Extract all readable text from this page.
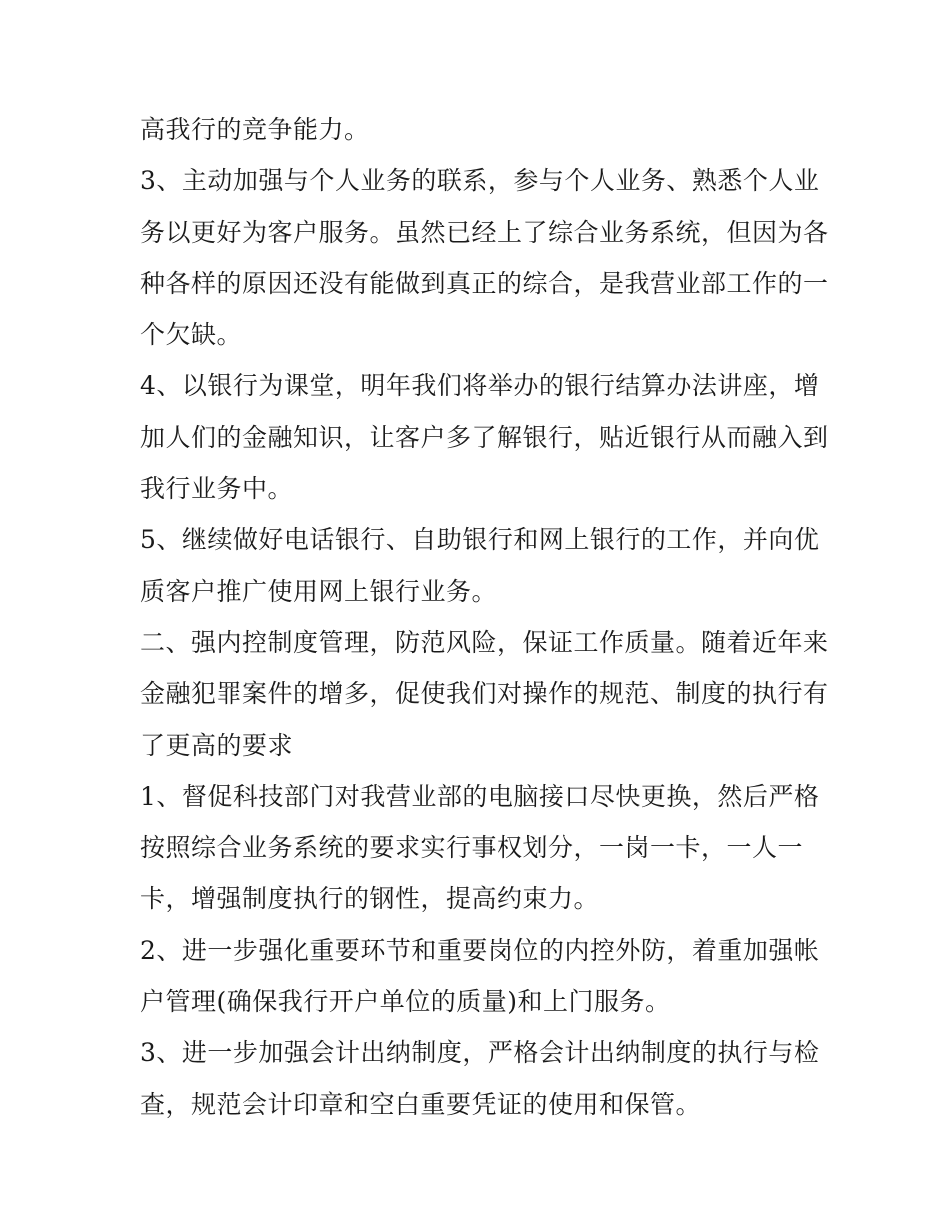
高我行的竞争能力。
3、主动加强与个人业务的联系，参与个人业务、熟悉个人业
务以更好为客户服务。虽然已经上了综合业务系统，但因为各
种各样的原因还没有能做到真正的综合，是我营业部工作的一
个欠缺。
4、以银行为课堂，明年我们将举办的银行结算办法讲座，增
加人们的金融知识，让客户多了解银行，贴近银行从而融入到
我行业务中。
5、继续做好电话银行、自助银行和网上银行的工作，并向优
质客户推广使用网上银行业务。
二、强内控制度管理，防范风险，保证工作质量。随着近年来
金融犯罪案件的增多，促使我们对操作的规范、制度的执行有
了更高的要求
1、督促科技部门对我营业部的电脑接口尽快更换，然后严格
按照综合业务系统的要求实行事权划分，一岗一卡，一人一
卡，增强制度执行的钢性，提高约束力。
2、进一步强化重要环节和重要岗位的内控外防，着重加强帐
户管理(确保我行开户单位的质量)和上门服务。
3、进一步加强会计出纳制度，严格会计出纳制度的执行与检
查，规范会计印章和空白重要凭证的使用和保管。
